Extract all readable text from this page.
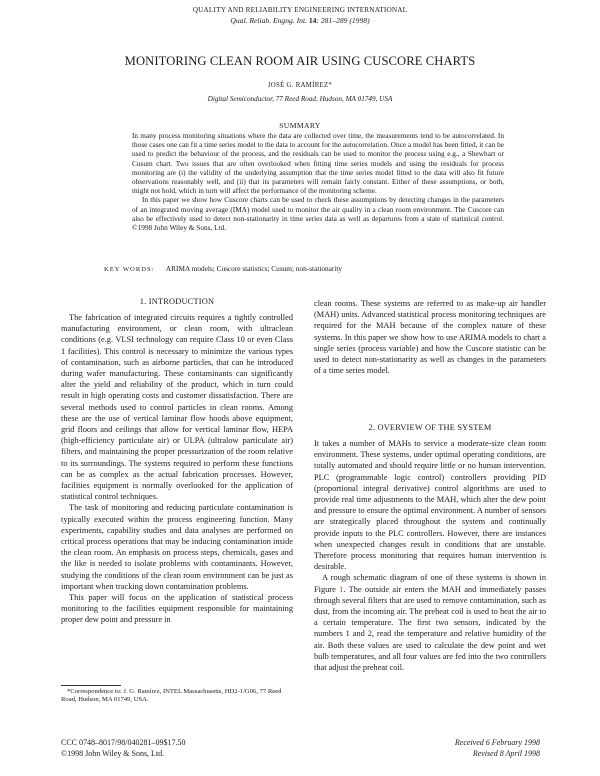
QUALITY AND RELIABILITY ENGINEERING INTERNATIONAL
Qual. Reliab. Engng. Int. 14: 281–289 (1998)
MONITORING CLEAN ROOM AIR USING CUSCORE CHARTS
JOSÉ G. RAMÍREZ*
Digital Semiconductor, 77 Reed Road, Hudson, MA 01749, USA
SUMMARY

In many process monitoring situations where the data are collected over time, the measurements tend to be autocorrelated. In those cases one can fit a time series model to the data to account for the autocorrelation. Once a model has been fitted, it can be used to predict the behaviour of the process, and the residuals can be used to monitor the process using e.g., a Shewhart or Cusum chart. Two issues that are often overlooked when fitting time series models and using the residuals for process monitoring are (i) the validity of the underlying assumption that the time series model fitted to the data will also fit future observations reasonably well, and (ii) that its parameters will remain fairly constant. Either of these assumptions, or both, might not hold, which in turn will affect the performance of the monitoring scheme.

In this paper we show how Cuscore charts can be used to check these assumptions by detecting changes in the parameters of an integrated moving average (IMA) model used to monitor the air quality in a clean room environment. The Cuscore can also be effectively used to detect non-stationarity in time series data as well as departures from a state of statistical control. ©1998 John Wiley & Sons, Ltd.

KEY WORDS: ARIMA models; Cuscore statistics; Cusum; non-stationarity
1. INTRODUCTION

The fabrication of integrated circuits requires a tightly controlled manufacturing environment, or clean room, with ultraclean conditions (e.g. VLSI technology can require Class 10 or even Class 1 facilities). This control is necessary to minimize the various types of contamination, such as airborne particles, that can be introduced during wafer manufacturing. These contaminants can significantly alter the yield and reliability of the product, which in turn could result in high operating costs and customer dissatisfaction. There are several methods used to control particles in clean rooms. Among these are the use of vertical laminar flow hoods above equipment, grid floors and ceilings that allow for vertical laminar flow, HEPA (high-efficiency particulate air) or ULPA (ultralow particulate air) filters, and maintaining the proper pressurization of the room relative to its surroundings. The systems required to perform these functions can be as complex as the actual fabrication processes. However, facilities equipment is normally overlooked for the application of statistical control techniques.

The task of monitoring and reducing particulate contamination is typically executed within the process engineering function. Many experiments, capability studies and data analyses are performed on critical process operations that may be inducing contamination inside the clean room. An emphasis on process steps, chemicals, gases and the like is needed to isolate problems with contaminants. However, studying the conditions of the clean room environment can be just as important when tracking down contamination problems.

This paper will focus on the application of statistical process monitoring to the facilities equipment responsible for maintaining proper dew point and pressure in

*Correspondence to: J. G. Ramírez, INTEL Massachusetts, HD2-1/G06, 77 Reed Road, Hudson, MA 01749, USA.

clean rooms. These systems are referred to as make-up air handler (MAH) units. Advanced statistical process monitoring techniques are required for the MAH because of the complex nature of these systems. In this paper we show how to use ARIMA models to chart a single series (process variable) and how the Cuscore statistic can be used to detect non-stationarity as well as changes in the parameters of a time series model.

2. OVERVIEW OF THE SYSTEM

It takes a number of MAHs to service a moderate-size clean room environment. These systems, under optimal operating conditions, are totally automated and should require little or no human intervention. PLC (programmable logic control) controllers providing PID (proportional integral derivative) control algorithms are used to provide real time adjustments to the MAH, which alter the dew point and pressure to ensure the optimal environment. A number of sensors are strategically placed throughout the system and continually provide inputs to the PLC controllers. However, there are instances when unexpected changes result in conditions that are unstable. Therefore process monitoring that requires human intervention is desirable.

A rough schematic diagram of one of these systems is shown in Figure 1. The outside air enters the MAH and immediately passes through several filters that are used to remove contamination, such as dust, from the incoming air. The preheat coil is used to heat the air to a certain temperature. The first two sensors, indicated by the numbers 1 and 2, read the temperature and relative humidity of the air. Both these values are used to calculate the dew point and wet bulb temperatures, and all four values are fed into the two controllers that adjust the preheat coil.

CCC 0748–8017/98/040281–09$17.50
©1998 John Wiley & Sons, Ltd.
Received 6 February 1998
Revised 8 April 1998
